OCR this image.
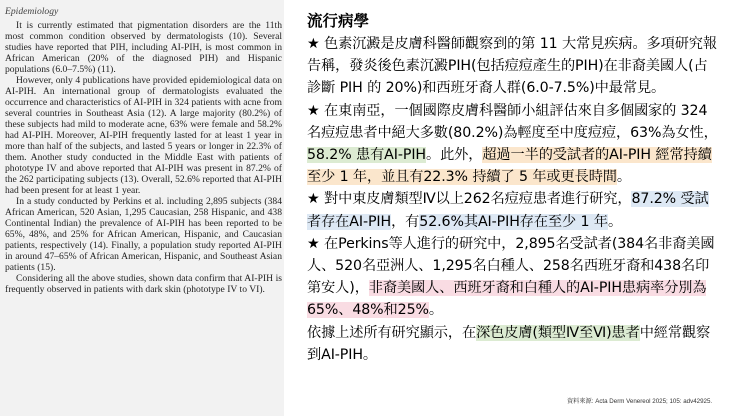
Epidemiology

It is currently estimated that pigmentation disorders are the 11th most common condition observed by dermatologists (10). Several studies have reported that PIH, including AI-PIH, is most common in African American (20% of the diagnosed PIH) and Hispanic populations (6.0–7.5%) (11).

However, only 4 publications have provided epidemiological data on AI-PIH. An international group of dermatologists evaluated the occurrence and characteristics of AI-PIH in 324 patients with acne from several countries in Southeast Asia (12). A large majority (80.2%) of these subjects had mild to moderate acne, 63% were female and 58.2% had AI-PIH. Moreover, AI-PIH frequently lasted for at least 1 year in more than half of the subjects, and lasted 5 years or longer in 22.3% of them. Another study conducted in the Middle East with patients of phototype IV and above reported that AI-PIH was present in 87.2% of the 262 participating subjects (13). Overall, 52.6% reported that AI-PIH had been present for at least 1 year.

In a study conducted by Perkins et al. including 2,895 subjects (384 African American, 520 Asian, 1,295 Caucasian, 258 Hispanic, and 438 Continental Indian) the prevalence of AI-PIH has been reported to be 65%, 48%, and 25% for African American, Hispanic, and Caucasian patients, respectively (14). Finally, a population study reported AI-PIH in around 47–65% of African American, Hispanic, and Southeast Asian patients (15).

Considering all the above studies, shown data confirm that AI-PIH is frequently observed in patients with dark skin (phototype IV to VI).

流行病學

★ 色素沉澱是皮膚科醫師觀察到的第 11 大常見疾病。多項研究報告稱，發炎後色素沉澱PIH(包括痘痘產生的PIH)在非裔美國人(占診斷 PIH 的 20%)和西班牙裔人群(6.0-7.5%)中最常見。

★ 在東南亞，一個國際皮膚科醫師小組評估來自多個國家的 324名痘痘患者中絕大多數(80.2%)為輕度至中度痘痘，63%為女性，58.2% 患有AI-PIH。此外，超過一半的受試者的AI-PIH 經常持續至少 1 年，並且有22.3% 持續了 5 年或更長時間。

★ 對中東皮膚類型Ⅳ以上262名痘痘患者進行研究，87.2% 受試者存在AI-PIH，有52.6%其AI-PIH存在至少 1 年。

★ 在Perkins等人進行的研究中，2,895名受試者(384名非裔美國人、520名亞洲人、1,295名白種人、258名西班牙裔和438名印第安人)，非裔美國人、西班牙裔和白種人的AI-PIH患病率分別為65%、48%和25%。

依據上述所有研究顯示，在深色皮膚(類型Ⅳ至Ⅵ)患者中經常觀察到AI-PIH。

資料來源: Acta Derm Venereol 2025; 105: adv42925.
